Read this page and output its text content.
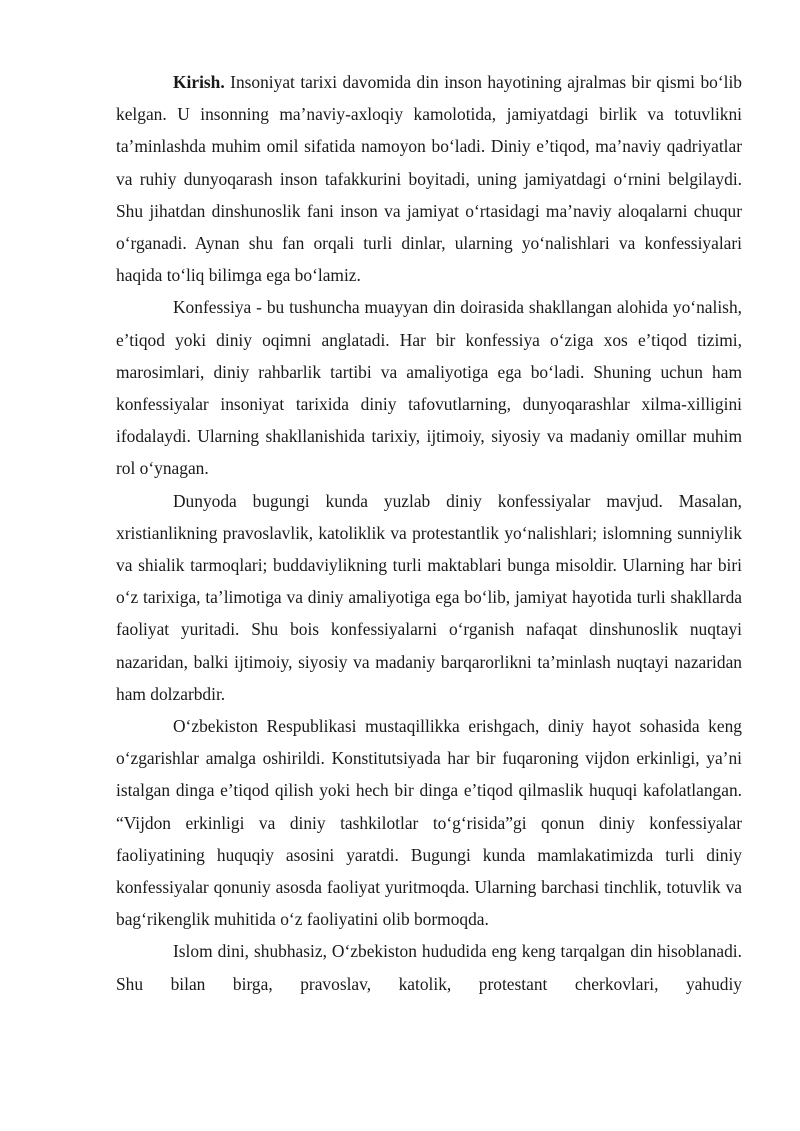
Kirish. Insoniyat tarixi davomida din inson hayotining ajralmas bir qismi bo‘lib kelgan. U insonning ma’naviy-axloqiy kamolotida, jamiyatdagi birlik va totuvlikni ta’minlashda muhim omil sifatida namoyon bo‘ladi. Diniy e’tiqod, ma’naviy qadriyatlar va ruhiy dunyoqarash inson tafakkurini boyitadi, uning jamiyatdagi o‘rnini belgilaydi. Shu jihatdan dinshunoslik fani inson va jamiyat o‘rtasidagi ma’naviy aloqalarni chuqur o‘rganadi. Aynan shu fan orqali turli dinlar, ularning yo‘nalishlari va konfessiyalari haqida to‘liq bilimga ega bo‘lamiz.

Konfessiya - bu tushuncha muayyan din doirasida shakllangan alohida yo‘nalish, e’tiqod yoki diniy oqimni anglatadi. Har bir konfessiya o‘ziga xos e’tiqod tizimi, marosimlari, diniy rahbarlik tartibi va amaliyotiga ega bo‘ladi. Shuning uchun ham konfessiyalar insoniyat tarixida diniy tafovutlarning, dunyoqarashlar xilma-xilligini ifodalaydi. Ularning shakllanishida tarixiy, ijtimoiy, siyosiy va madaniy omillar muhim rol o‘ynagan.

Dunyoda bugungi kunda yuzlab diniy konfessiyalar mavjud. Masalan, xristianlikning pravoslavlik, katoliklik va protestantlik yo‘nalishlari; islomning sunniylik va shialik tarmoqlari; buddaviylikning turli maktablari bunga misoldir. Ularning har biri o‘z tarixiga, ta’limotiga va diniy amaliyotiga ega bo‘lib, jamiyat hayotida turli shakllarda faoliyat yuritadi. Shu bois konfessiyalarni o‘rganish nafaqat dinshunoslik nuqtayi nazaridan, balki ijtimoiy, siyosiy va madaniy barqarorlikni ta’minlash nuqtayi nazaridan ham dolzarbdir.

O‘zbekiston Respublikasi mustaqillikka erishgach, diniy hayot sohasida keng o‘zgarishlar amalga oshirildi. Konstitutsiyada har bir fuqaroning vijdon erkinligi, ya’ni istalgan dinga e’tiqod qilish yoki hech bir dinga e’tiqod qilmaslik huquqi kafolatlangan. “Vijdon erkinligi va diniy tashkilotlar to‘g‘risida”gi qonun diniy konfessiyalar faoliyatining huquqiy asosini yaratdi. Bugungi kunda mamlakatimizda turli diniy konfessiyalar qonuniy asosda faoliyat yuritmoqda. Ularning barchasi tinchlik, totuvlik va bag‘rikenglik muhitida o‘z faoliyatini olib bormoqda.

Islom dini, shubhasiz, O‘zbekiston hududida eng keng tarqalgan din hisoblanadi. Shu bilan birga, pravoslav, katolik, protestant cherkovlari, yahudiy
